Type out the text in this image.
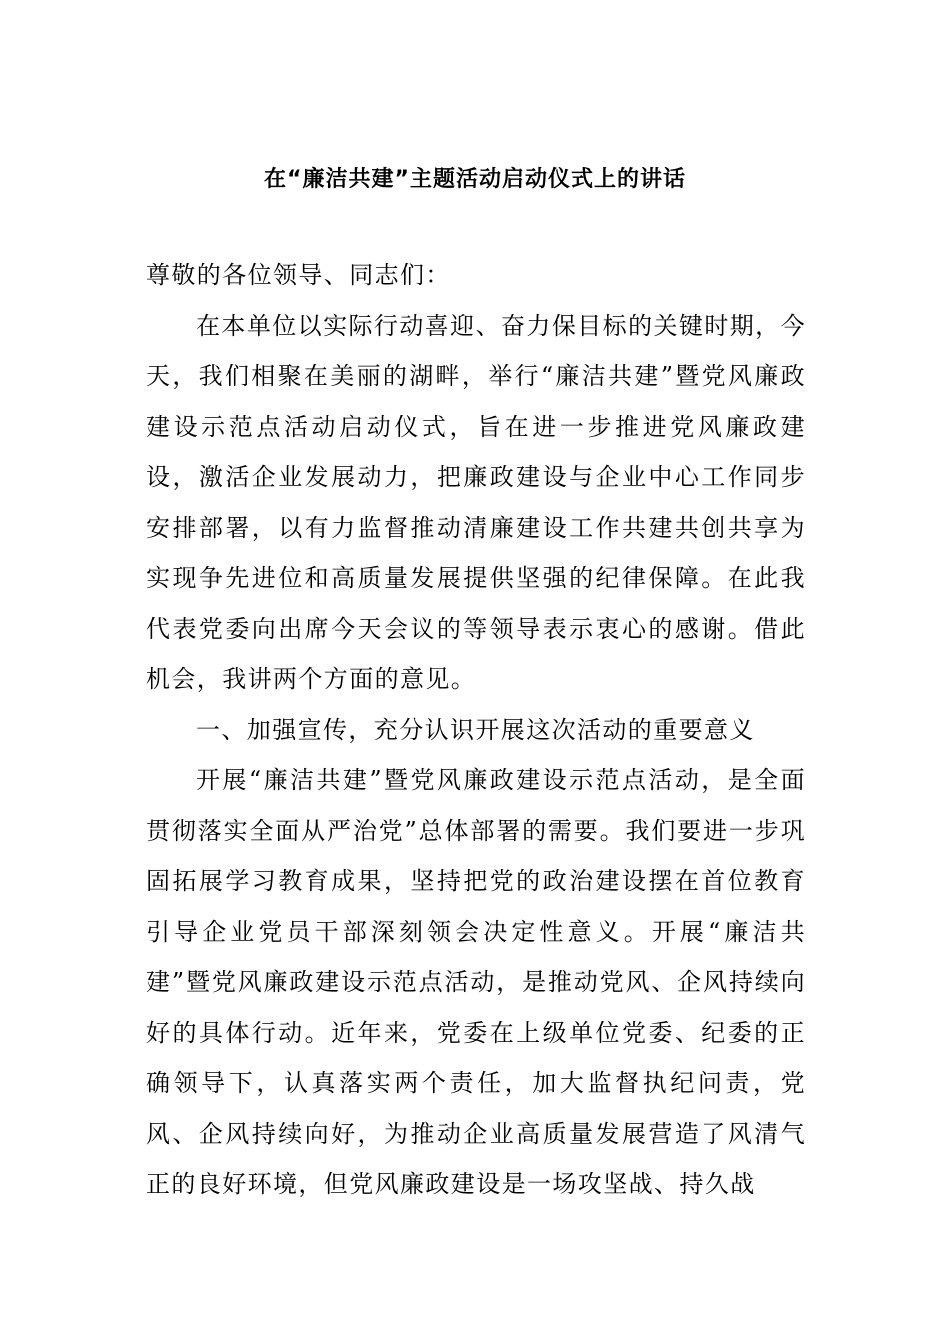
在“廉洁共建”主题活动启动仪式上的讲话

尊敬的各位领导、同志们：

在本单位以实际行动喜迎、奋力保目标的关键时期，今天，我们相聚在美丽的湖畔，举行“廉洁共建”暨党风廉政建设示范点活动启动仪式，旨在进一步推进党风廉政建设，激活企业发展动力，把廉政建设与企业中心工作同步安排部署，以有力监督推动清廉建设工作共建共创共享为实现争先进位和高质量发展提供坚强的纪律保障。在此我代表党委向出席今天会议的等领导表示衷心的感谢。借此机会，我讲两个方面的意见。

一、加强宣传，充分认识开展这次活动的重要意义

开展“廉洁共建”暨党风廉政建设示范点活动，是全面贯彻落实全面从严治党”总体部署的需要。我们要进一步巩固拓展学习教育成果，坚持把党的政治建设摆在首位教育引导企业党员干部深刻领会决定性意义。开展“廉洁共建”暨党风廉政建设示范点活动，是推动党风、企风持续向好的具体行动。近年来，党委在上级单位党委、纪委的正确领导下，认真落实两个责任，加大监督执纪问责，党风、企风持续向好，为推动企业高质量发展营造了风清气正的良好环境，但党风廉政建设是一场攻坚战、持久战
